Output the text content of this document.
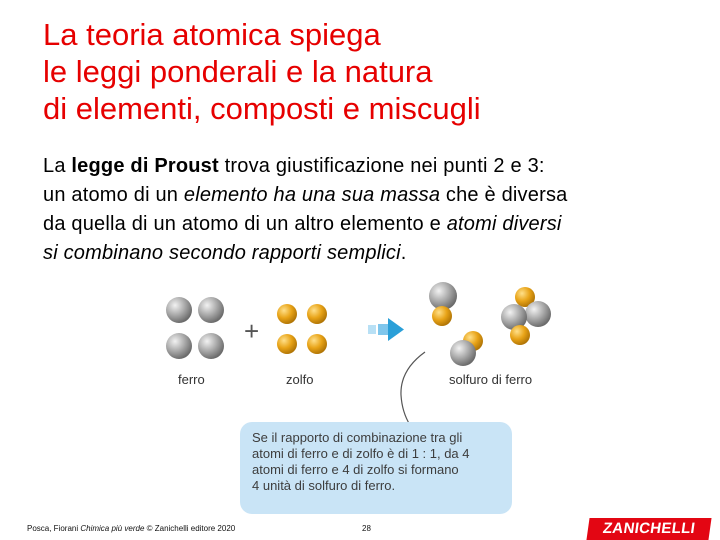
La teoria atomica spiega
le leggi ponderali e la natura
di elementi, composti e miscugli
La legge di Proust trova giustificazione nei punti 2 e 3:
un atomo di un elemento ha una sua massa che è diversa
da quella di un atomo di un altro elemento e atomi diversi
si combinano secondo rapporti semplici.
+
ferro	zolfo	solfuro di ferro
Se il rapporto di combinazione tra gli
atomi di ferro e di zolfo è di 1 : 1, da 4
atomi di ferro e 4 di zolfo si formano
4 unità di solfuro di ferro.
Posca, Fiorani Chimica più verde © Zanichelli editore 2020	28	ZANICHELLI
